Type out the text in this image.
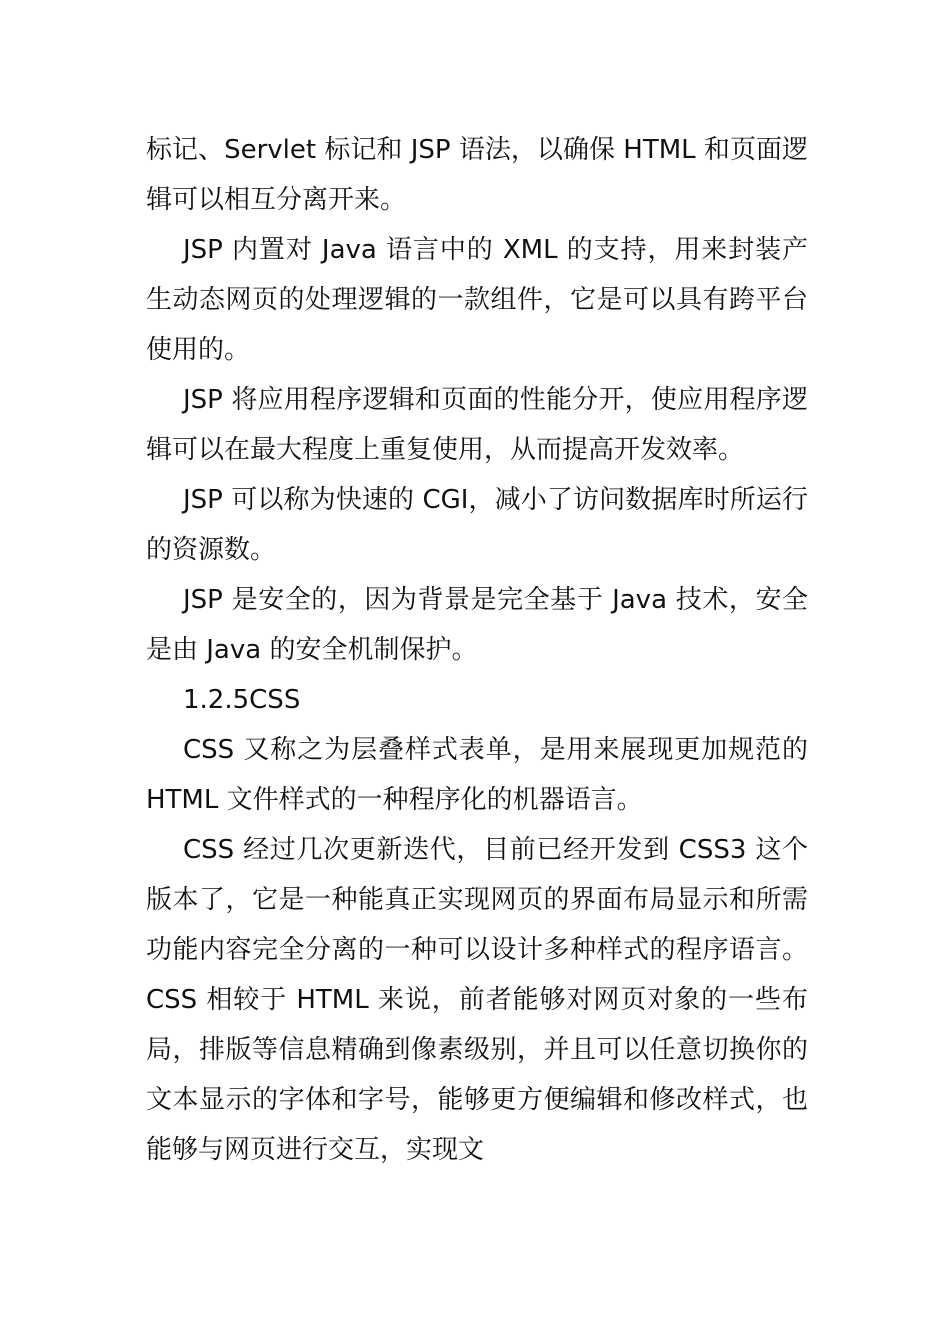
标记、Servlet 标记和 JSP 语法，以确保 HTML 和页面逻辑可以相互分离开来。

JSP 内置对 Java 语言中的 XML 的支持，用来封装产生动态网页的处理逻辑的一款组件，它是可以具有跨平台使用的。

JSP 将应用程序逻辑和页面的性能分开，使应用程序逻辑可以在最大程度上重复使用，从而提高开发效率。

JSP 可以称为快速的 CGI，减小了访问数据库时所运行的资源数。

JSP 是安全的，因为背景是完全基于 Java 技术，安全是由 Java 的安全机制保护。

1.2.5CSS

CSS 又称之为层叠样式表单，是用来展现更加规范的 HTML 文件样式的一种程序化的机器语言。

CSS 经过几次更新迭代，目前已经开发到 CSS3 这个版本了，它是一种能真正实现网页的界面布局显示和所需功能内容完全分离的一种可以设计多种样式的程序语言。CSS 相较于 HTML 来说，前者能够对网页对象的一些布局，排版等信息精确到像素级别，并且可以任意切换你的文本显示的字体和字号，能够更方便编辑和修改样式，也能够与网页进行交互，实现文
